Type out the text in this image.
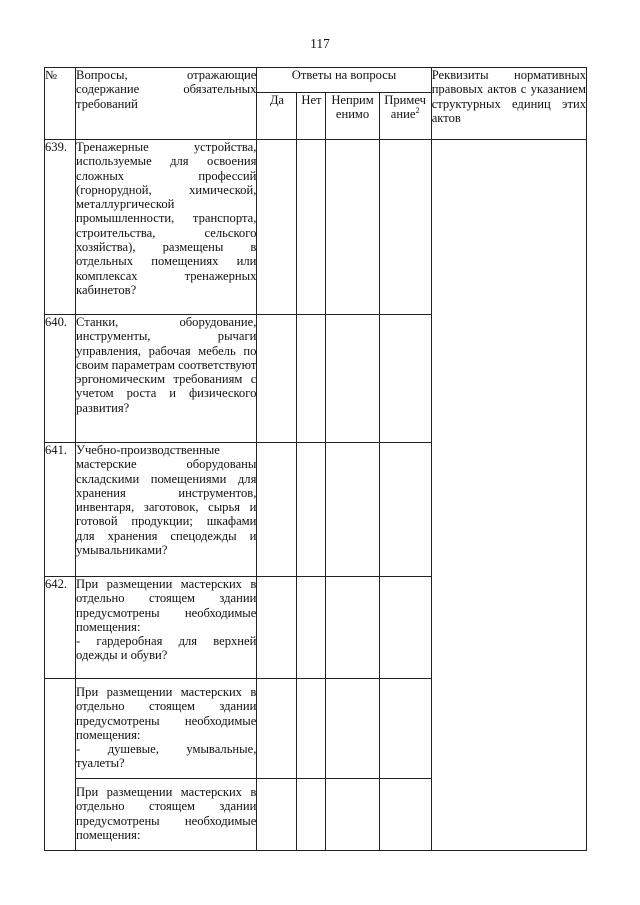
117
№	Вопросы, отражающие содержание обязательных требований	Ответы на вопросы				Реквизиты нормативных правовых актов с указанием структурных единиц этих актов
		Да	Нет	Неприм енимо	Примеч ание$^2$
639.	Тренажерные устройства, используемые для освоения сложных профессий (горнорудной, химической, металлургической промышленности, транспорта, строительства, сельского хозяйства), размещены в отдельных помещениях или комплексах тренажерных кабинетов?					
640.	Станки, оборудование, инструменты, рычаги управления, рабочая мебель по своим параметрам соответствуют эргономическим требованиям с учетом роста и физического развития?					
641.	Учебно-производственные мастерские оборудованы складскими помещениями для хранения инструментов, инвентаря, заготовок, сырья и готовой продукции; шкафами для хранения спецодежды и умывальниками?					
642.	При размещении мастерских в отдельно стоящем здании предусмотрены необходимые помещения:
- гардеробная для верхней одежды и обуви?					
	При размещении мастерских в отдельно стоящем здании предусмотрены необходимые помещения:
- душевые, умывальные, туалеты?					
	При размещении мастерских в отдельно стоящем здании предусмотрены необходимые помещения:					
